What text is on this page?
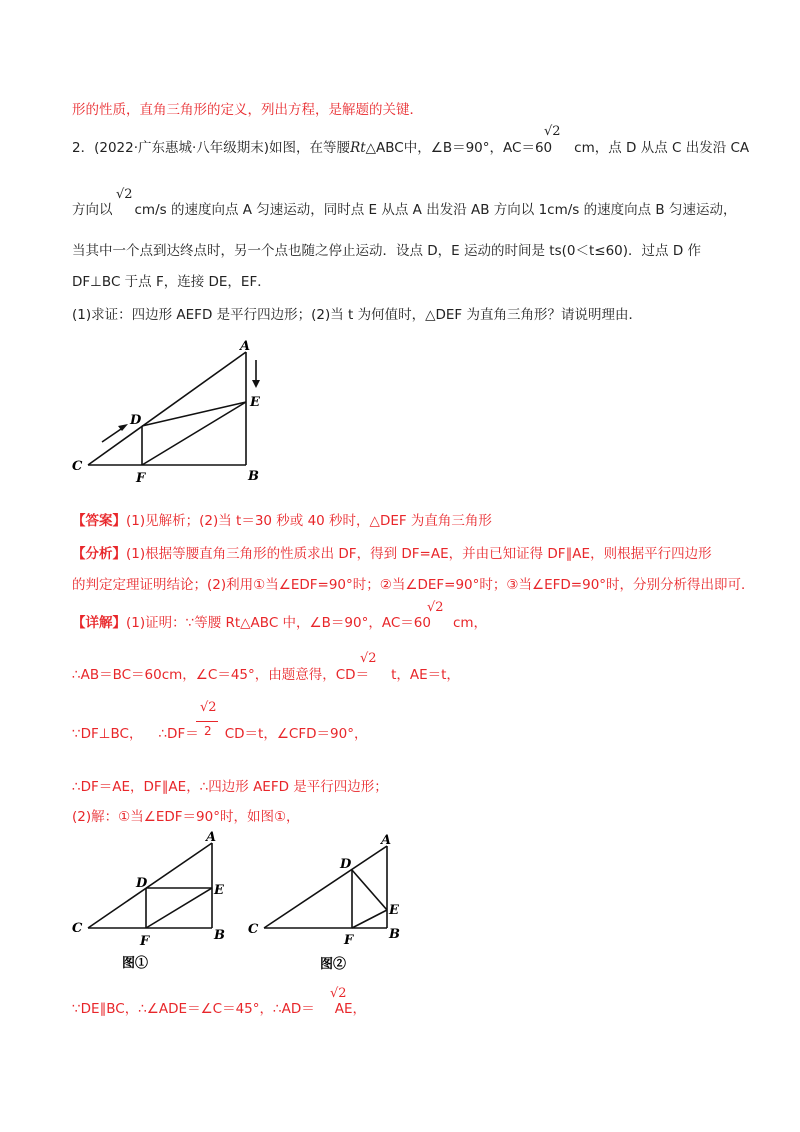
形的性质，直角三角形的定义，列出方程，是解题的关键．
2．(2022·广东惠城·八年级期末)如图，在等腰Rt△ABC中，∠B＝90°，AC＝60 cm，点 D 从点 C 出发沿 CA
√2
方向以 cm/s 的速度向点 A 匀速运动，同时点 E 从点 A 出发沿 AB 方向以 1cm/s 的速度向点 B 匀速运动，
√2
当其中一个点到达终点时，另一个点也随之停止运动．设点 D，E 运动的时间是 ts(0＜t≤60)．过点 D 作
DF⊥BC 于点 F，连接 DE，EF．
(1)求证：四边形 AEFD 是平行四边形；(2)当 t 为何值时，△DEF 为直角三角形？请说明理由．
A
B
C
D
E
F
【答案】(1)见解析；(2)当 t＝30 秒或 40 秒时，△DEF 为直角三角形
【分析】(1)根据等腰直角三角形的性质求出 DF，得到 DF=AE，并由已知证得 DF∥AE，则根据平行四边形
的判定定理证明结论；(2)利用①当∠EDF=90°时；②当∠DEF=90°时；③当∠EFD=90°时，分别分析得出即可．
【详解】(1)证明：∵等腰 Rt△ABC 中，∠B＝90°，AC＝60 cm，
√2
∴AB＝BC＝60cm，∠C＝45°，由题意得，CD＝ t，AE＝t，
√2
∵DF⊥BC， ∴DF＝ CD＝t，∠CFD＝90°，
√2
2
∴DF＝AE，DF∥AE，∴四边形 AEFD 是平行四边形；
(2)解：①当∠EDF＝90°时，如图①，
A
B
C
D	E
F
图①
A
B
C
D
E
F
图②
∵DE∥BC，∴∠ADE＝∠C＝45°，∴AD＝ AE，
√2
